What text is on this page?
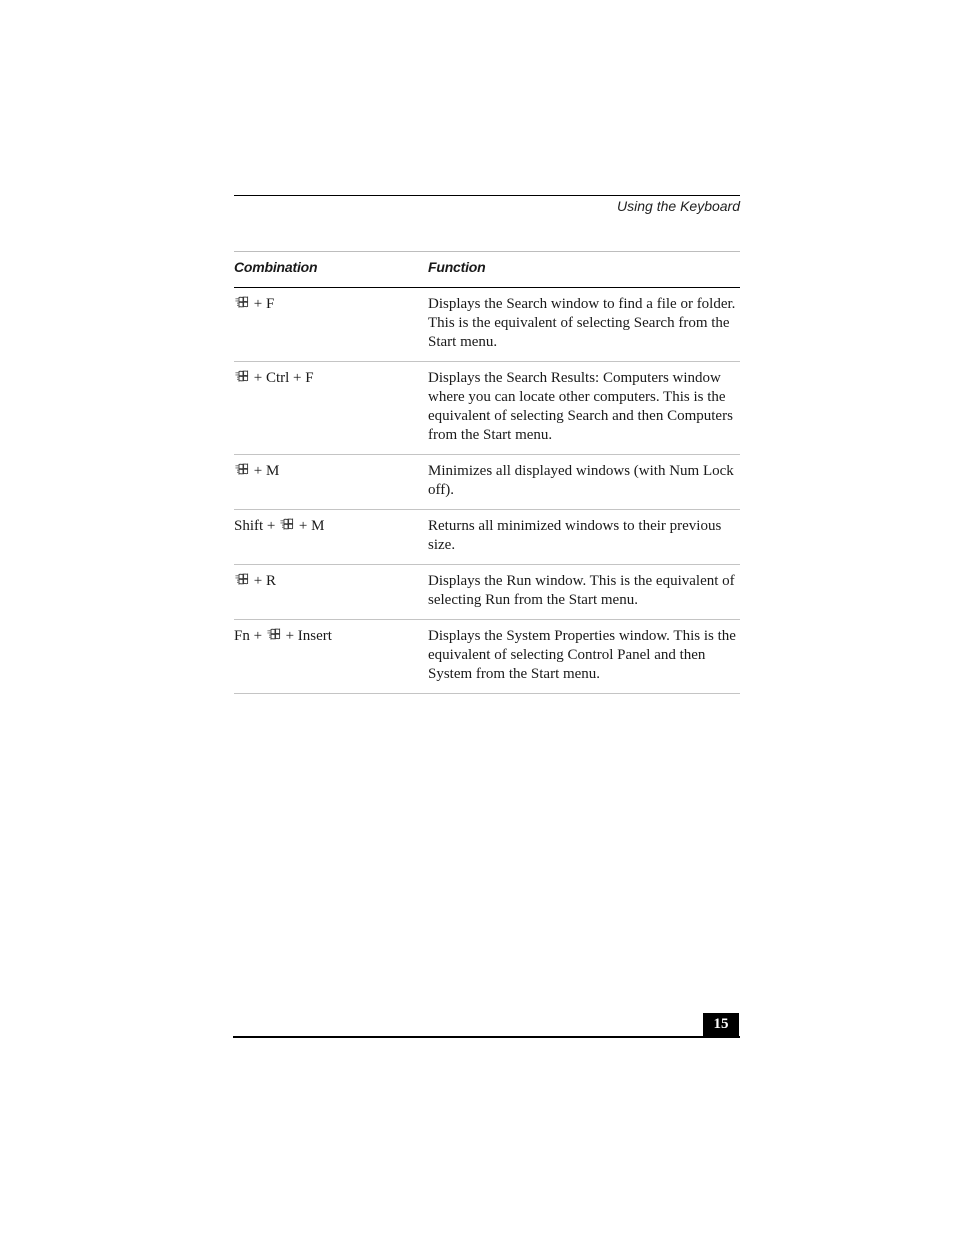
Using the Keyboard
Combination	Function
+ F	Displays the Search window to find a file or folder. This is the equivalent of selecting Search from the Start menu.
+ Ctrl + F	Displays the Search Results: Computers window where you can locate other computers. This is the equivalent of selecting Search and then Computers from the Start menu.
+ M	Minimizes all displayed windows (with Num Lock off).
Shift + + M	Returns all minimized windows to their previous size.
+ R	Displays the Run window. This is the equivalent of selecting Run from the Start menu.
Fn + + Insert	Displays the System Properties window. This is the equivalent of selecting Control Panel and then System from the Start menu.
15
